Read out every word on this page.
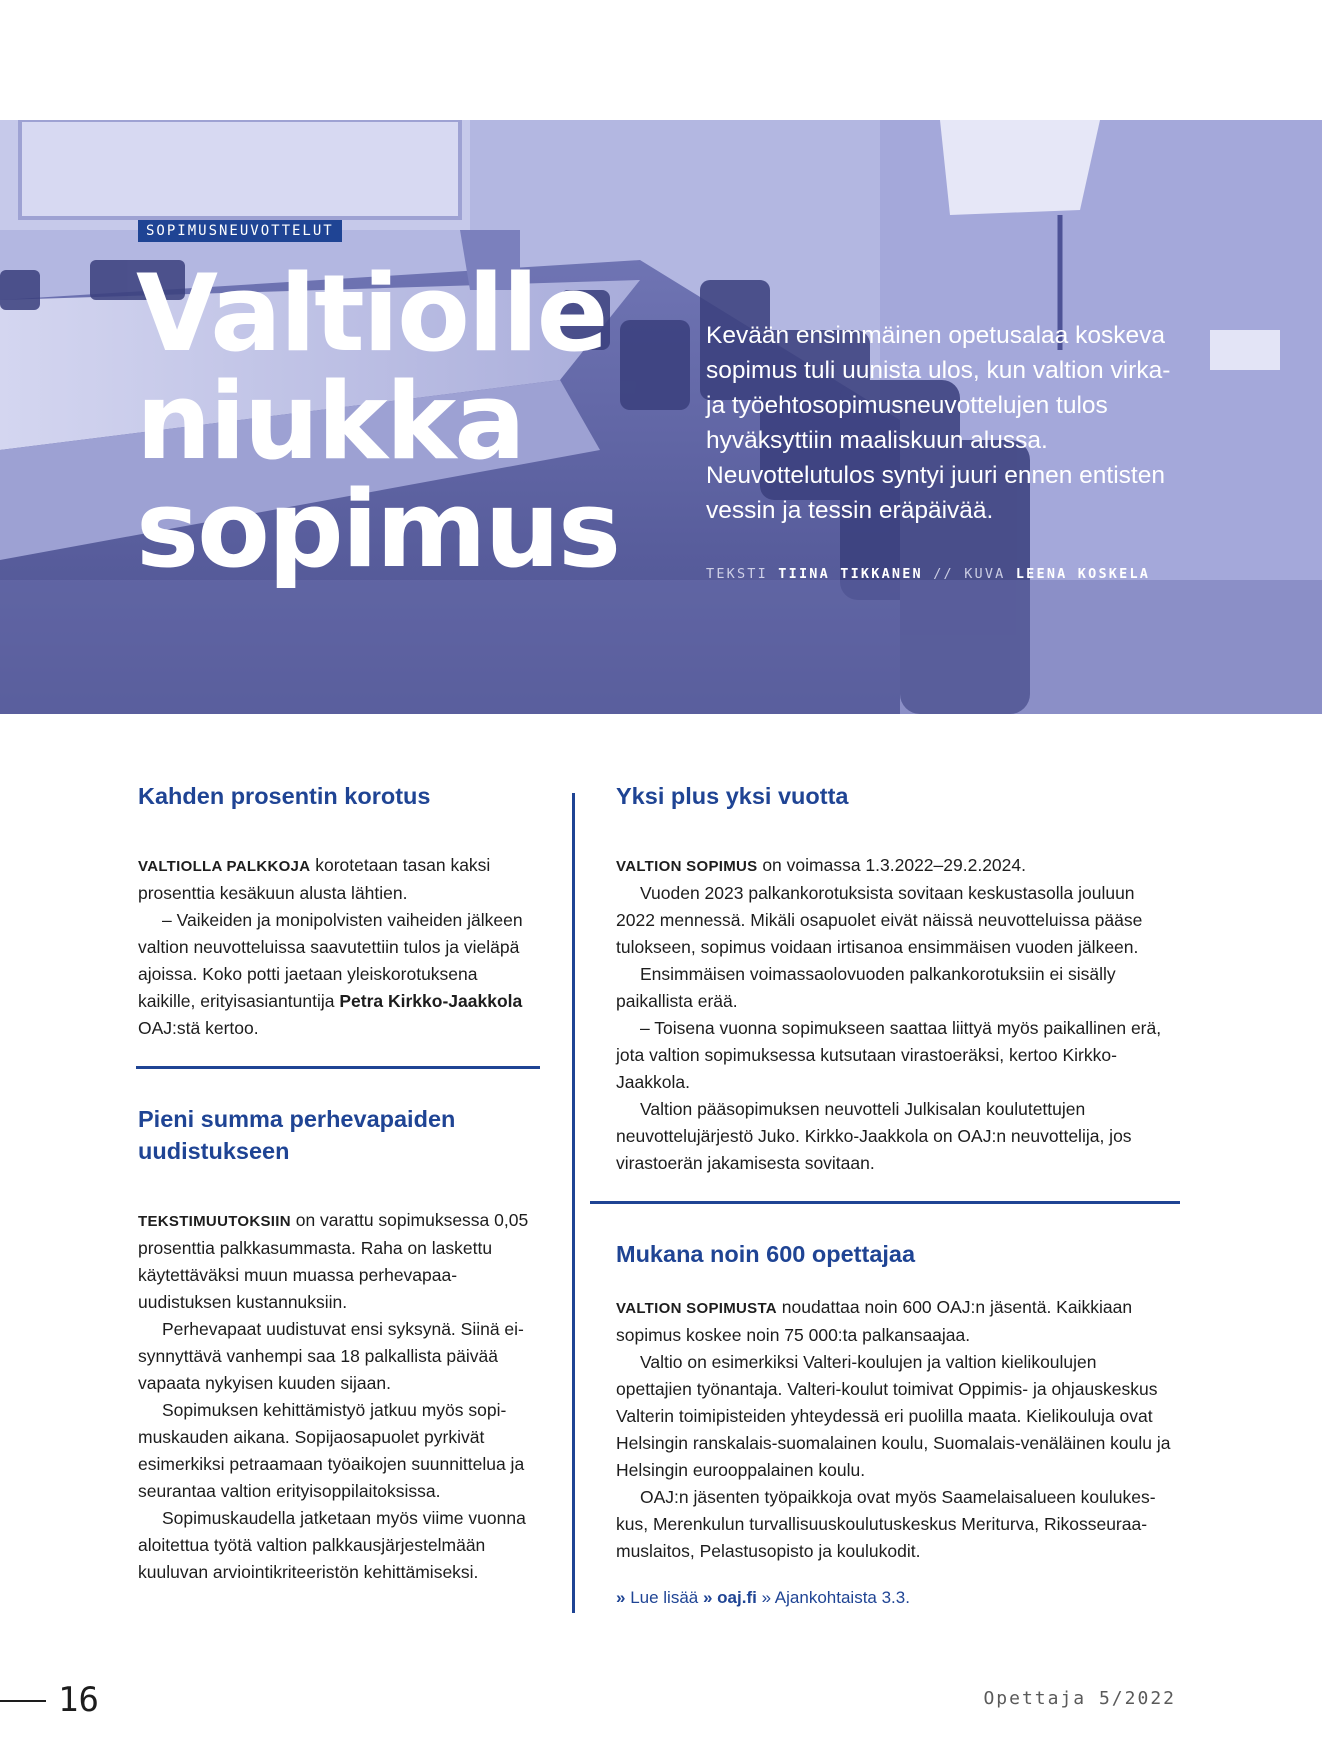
SOPIMUSNEUVOTTELUT
Valtiolle
niukka
sopimus

Kevään ensimmäinen opetusalaa koskeva sopimus tuli uunista ulos, kun valtion virka- ja työehtosopimusneuvottelujen tulos hyväksyttiin maaliskuun alussa. Neuvottelutulos syntyi juuri ennen entisten vessin ja tessin eräpäivää.

TEKSTI TIINA TIKKANEN // KUVA LEENA KOSKELA
Kahden prosentin korotus

VALTIOLLA PALKKOJA korotetaan tasan kaksi prosenttia kesäkuun alusta lähtien.

– Vaikeiden ja monipolvisten vaiheiden jälkeen valtion neuvotteluissa saavutettiin tulos ja vieläpä ajoissa. Koko potti jaetaan yleiskorotuksena kaikille, erityisasiantuntija Petra Kirkko-Jaakkola OAJ:stä kertoo.

Pieni summa perhevapaiden uudistukseen

TEKSTIMUUTOKSIIN on varattu sopimuksessa 0,05 prosenttia palkkasummasta. Raha on laskettu käytettäväksi muun muassa perhevapaa-uudistuksen kustannuksiin.

Perhevapaat uudistuvat ensi syksynä. Siinä ei-synnyttävä vanhempi saa 18 palkallista päivää vapaata nykyisen kuuden sijaan.

Sopimuksen kehittämistyö jatkuu myös sopimuskauden aikana. Sopijaosapuolet pyrkivät esimerkiksi petraamaan työaikojen suunnittelua ja seurantaa valtion erityisoppilaitoksissa.

Sopimuskaudella jatketaan myös viime vuonna aloitettua työtä valtion palkkausjärjestelmään kuuluvan arviointikriteeristön kehittämiseksi.

Yksi plus yksi vuotta

VALTION SOPIMUS on voimassa 1.3.2022–29.2.2024.

Vuoden 2023 palkankorotuksista sovitaan keskustasolla jouluun 2022 mennessä. Mikäli osapuolet eivät näissä neuvotteluissa pääse tulokseen, sopimus voidaan irtisanoa ensimmäisen vuoden jälkeen.

Ensimmäisen voimassaolovuoden palkankorotuksiin ei sisälly paikallista erää.

– Toisena vuonna sopimukseen saattaa liittyä myös paikallinen erä, jota valtion sopimuksessa kutsutaan virastoeräksi, kertoo Kirkko-Jaakkola.

Valtion pääsopimuksen neuvotteli Julkisalan koulutettujen neuvottelujärjestö Juko. Kirkko-Jaakkola on OAJ:n neuvottelija, jos virastoerän jakamisesta sovitaan.

Mukana noin 600 opettajaa

VALTION SOPIMUSTA noudattaa noin 600 OAJ:n jäsentä. Kaikkiaan sopimus koskee noin 75 000:ta palkansaajaa.

Valtio on esimerkiksi Valteri-koulujen ja valtion kielikoulujen opettajien työnantaja. Valteri-koulut toimivat Oppimis- ja ohjauskeskus Valterin toimipisteiden yhteydessä eri puolilla maata. Kielikouluja ovat Helsingin ranskalais-suomalainen koulu, Suomalais-venäläinen koulu ja Helsingin eurooppalainen koulu.

OAJ:n jäsenten työpaikkoja ovat myös Saamelaisalueen koulukeskus, Merenkulun turvallisuuskoulutuskeskus Meriturva, Rikosseuraamuslaitos, Pelastusopisto ja koulukodit.

» Lue lisää » oaj.fi » Ajankohtaista 3.3.
16	Opettaja 5/2022
